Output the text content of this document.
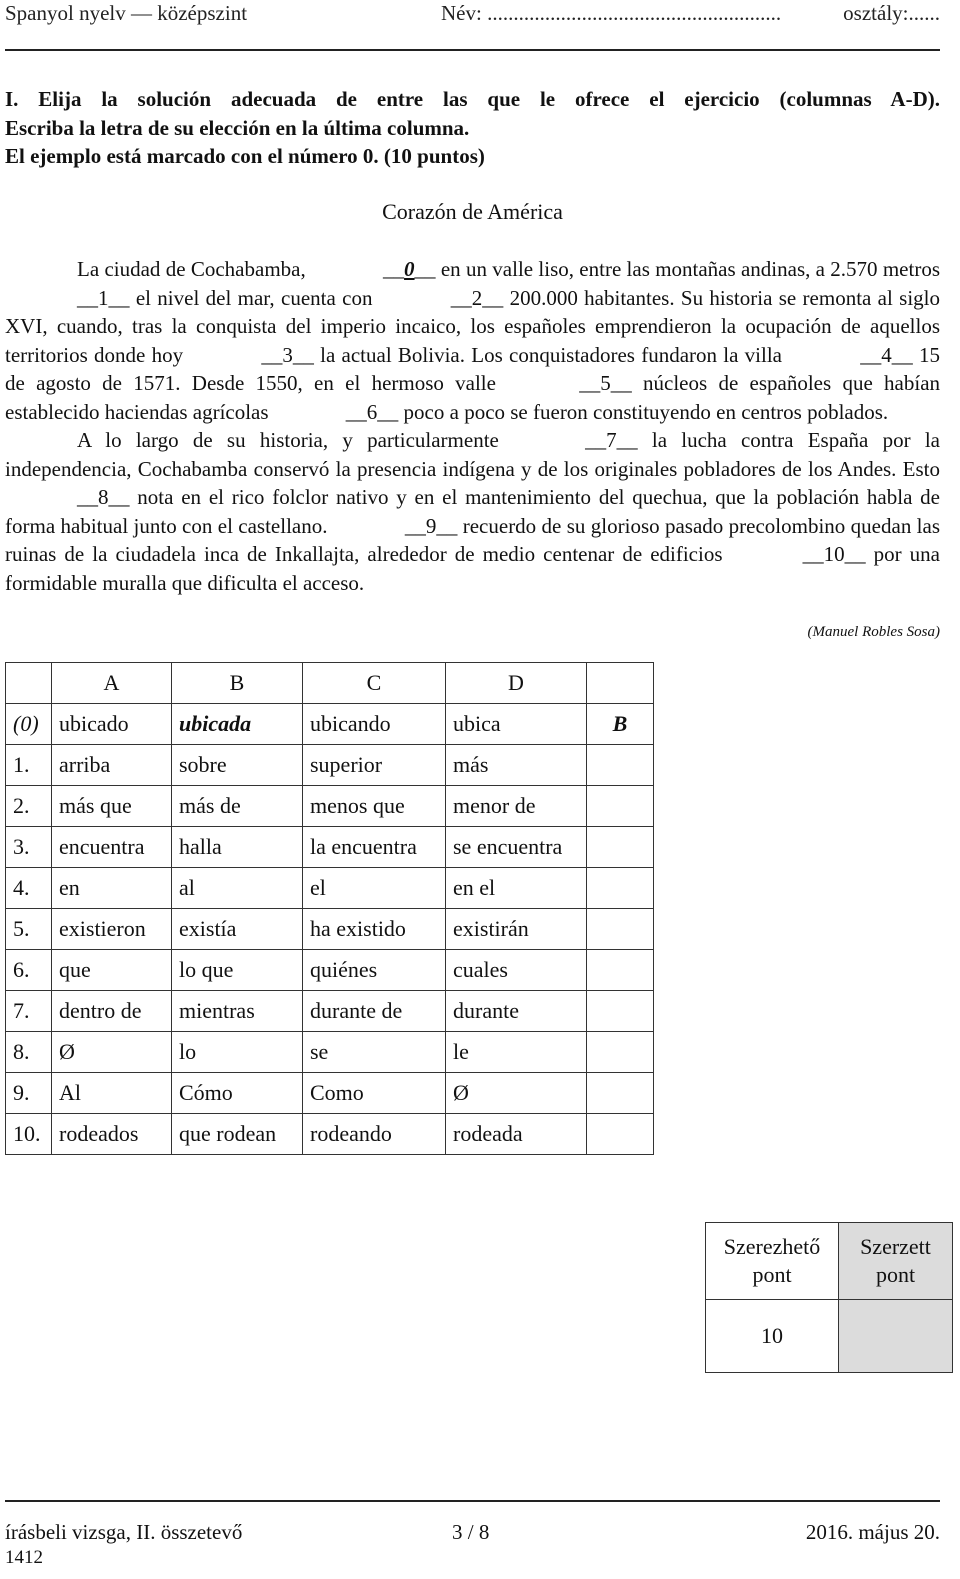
Spanyol nyelv — középszint	Név: ........................................................	osztály:......
I. Elija la solución adecuada de entre las que le ofrece el ejercicio (columnas A-D).
Escriba la letra de su elección en la última columna.
El ejemplo está marcado con el número 0. (10 puntos)
Corazón de América

La ciudad de Cochabamba,	__0__ en un valle liso, entre las montañas andinas, a 2.570 metros __1__ el nivel del mar, cuenta con	__2__ 200.000 habitantes. Su historia se remonta al siglo XVI, cuando, tras la conquista del imperio incaico, los españoles emprendieron la ocupación de aquellos territorios donde hoy	__3__ la actual Bolivia. Los conquistadores fundaron la villa	__4__ 15 de agosto de 1571. Desde 1550, en el hermoso valle	__5__ núcleos de españoles que habían establecido haciendas agrícolas	__6__ poco a poco se fueron constituyendo en centros poblados.

A lo largo de su historia, y particularmente	__7__ la lucha contra España por la independencia, Cochabamba conservó la presencia indígena y de los originales pobladores de los Andes. Esto __8__ nota en el rico folclor nativo y en el mantenimiento del quechua, que la población habla de forma habitual junto con el castellano.	__9__ recuerdo de su glorioso pasado precolombino quedan las ruinas de la ciudadela inca de Inkallajta, alrededor de medio centenar de edificios	__10__ por una formidable muralla que dificulta el acceso.

(Manuel Robles Sosa)
	A	B	C	D	
(0)	ubicado	ubicada	ubicando	ubica	B
1.	arriba	sobre	superior	más	
2.	más que	más de	menos que	menor de	
3.	encuentra	halla	la encuentra	se encuentra	
4.	en	al	el	en el	
5.	existieron	existía	ha existido	existirán	
6.	que	lo que	quiénes	cuales	
7.	dentro de	mientras	durante de	durante	
8.	Ø	lo	se	le	
9.	Al	Cómo	Como	Ø	
10.	rodeados	que rodean	rodeando	rodeada	
Szerezhető pont	Szerzett pont
10	
írásbeli vizsga, II. összetevő	3 / 8	2016. május 20.
1412
